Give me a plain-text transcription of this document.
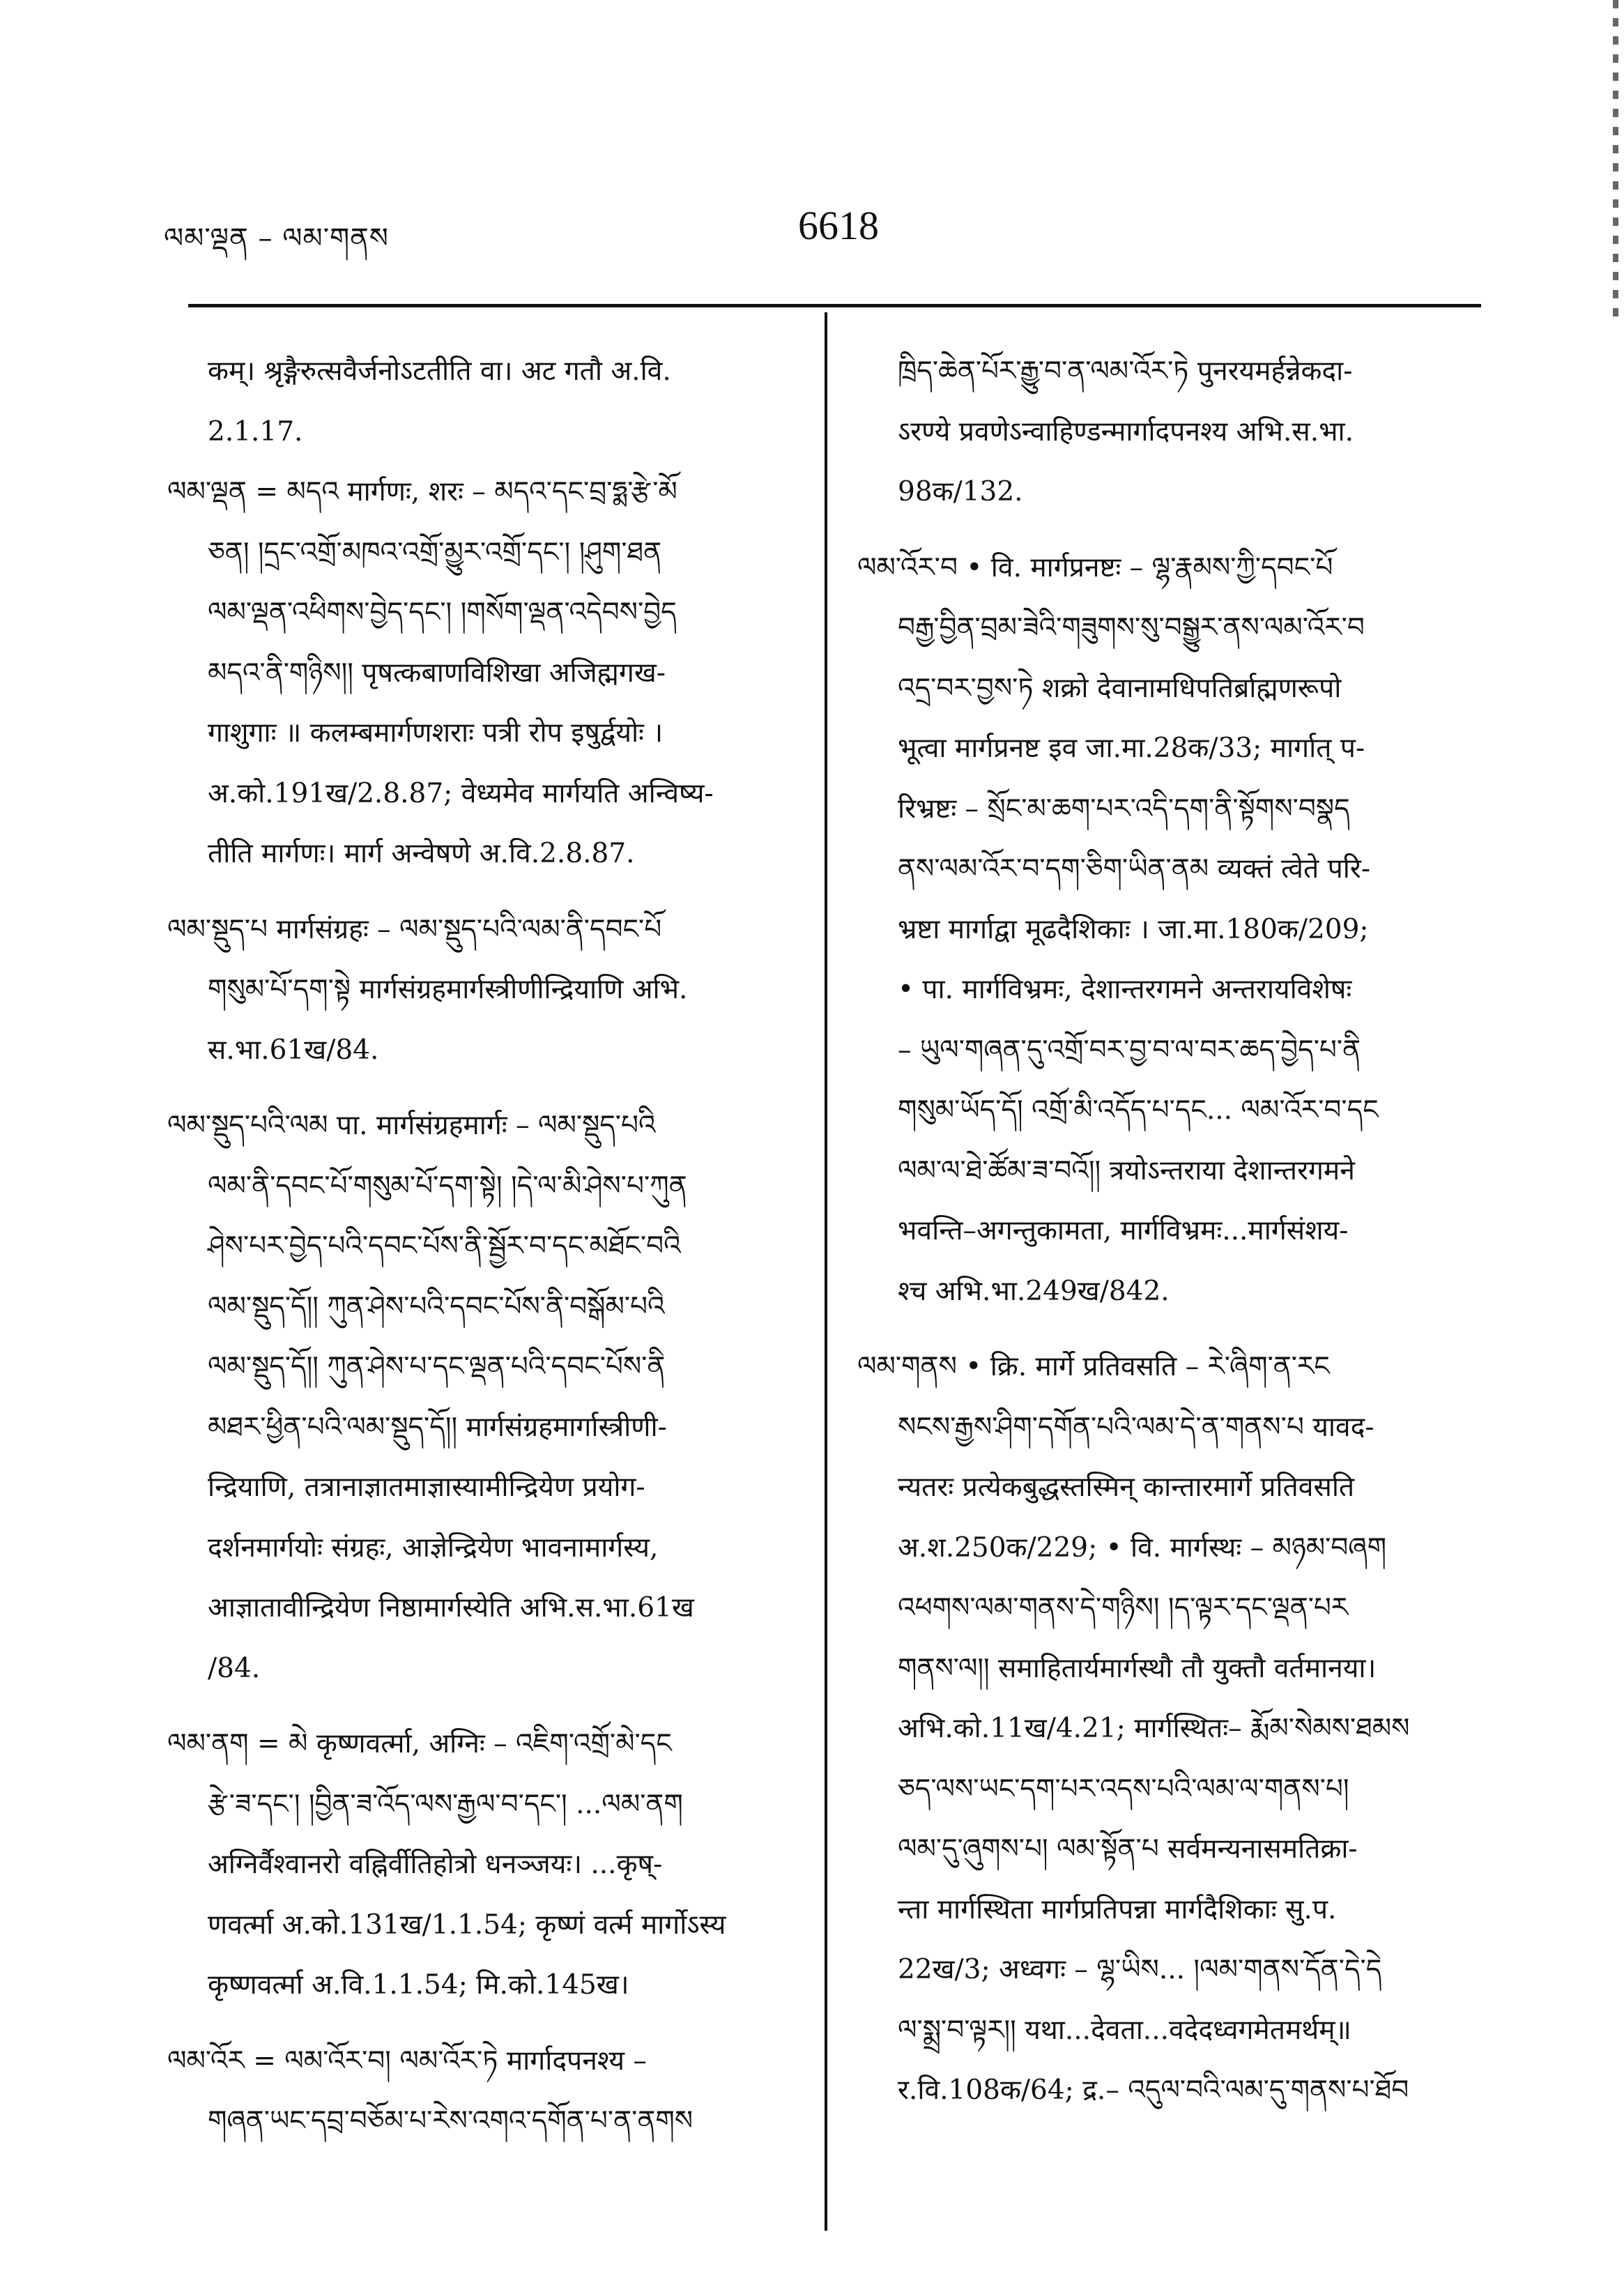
ལམ་ལྡན – ལམ་གནས	6618
कम्। श्रृङ्गैरुत्सवैर्जनोऽटतीति वा। अट गतौ अ.वि.
2.1.17.
ལམ་ལྡན = མདའ मार्गणः, शरः – མདའ་དང་བྲ་ཧྨ་རྩེ་མོ
ཅན། །དྲང་འགྲོ་མཁའ་འགྲོ་མྱུར་འགྲོ་དང་། །ཤུག་ཐན
ལམ་ལྡན་འཕིགས་བྱེད་དང་། །གསོག་ལྡན་འདེབས་བྱེད
མདའ་ནི་གཉིས།། पृषत्कबाणविशिखा अजिह्मगख-
गाशुगाः ॥ कलम्बमार्गणशराः पत्री रोप इषुर्द्वयोः ।
अ.को.191ख/2.8.87; वेध्यमेव मार्गयति अन्विष्य-
तीति मार्गणः। मार्ग अन्वेषणे अ.वि.2.8.87.
ལམ་སྡུད་པ मार्गसंग्रहः – ལམ་སྡུད་པའི་ལམ་ནི་དབང་པོ
གསུམ་པོ་དག་སྟེ मार्गसंग्रहमार्गस्त्रीणीन्द्रियाणि अभि.
स.भा.61ख/84.
ལམ་སྡུད་པའི་ལམ पा. मार्गसंग्रहमार्गः – ལམ་སྡུད་པའི
ལམ་ནི་དབང་པོ་གསུམ་པོ་དག་སྟེ། །དེ་ལ་མི་ཤེས་པ་ཀུན
ཤེས་པར་བྱེད་པའི་དབང་པོས་ནི་སྦྱོར་བ་དང་མཐོང་བའི
ལམ་སྡུད་དོ།། ཀུན་ཤེས་པའི་དབང་པོས་ནི་བསྒོམ་པའི
ལམ་སྡུད་དོ།། ཀུན་ཤེས་པ་དང་ལྡན་པའི་དབང་པོས་ནི
མཐར་ཕྱིན་པའི་ལམ་སྡུད་དོ།། मार्गसंग्रहमार्गास्त्रीणी-
न्द्रियाणि, तत्रानाज्ञातमाज्ञास्यामीन्द्रियेण प्रयोग-
दर्शनमार्गयोः संग्रहः, आज्ञेन्द्रियेण भावनामार्गस्य,
आज्ञातावीन्द्रियेण निष्ठामार्गस्येति अभि.स.भा.61ख
/84.
ལམ་ནག = མེ कृष्णवर्त्मा, अग्निः – འཇིག་འགྲོ་མེ་དང
རྩེ་ཟ་དང་། །བྱིན་ཟ་འོད་ལས་རྒྱལ་བ་དང་། ...ལམ་ནག
अग्निर्वैश्वानरो वह्निर्वीतिहोत्रो धनञ्जयः। ...कृष्-
णवर्त्मा अ.को.131ख/1.1.54; कृष्णं वर्त्म मार्गोऽस्य
कृष्णवर्त्मा अ.वि.1.1.54; मि.को.145ख।
ལམ་འོར = ལམ་འོར་བ། ལམ་འོར་ཏེ मार्गादपनश्य –
གཞན་ཡང་དབྲ་བཅོམ་པ་རེས་འགའ་དགོན་པ་ན་ནགས
ཁྲིད་ཆེན་པོར་རྒྱུ་བ་ན་ལམ་འོར་ཏེ पुनरयमर्हन्नेकदा-
ऽरण्ये प्रवणेऽन्वाहिण्डन्मार्गादपनश्य अभि.स.भा.
98क/132.
ལམ་འོར་བ • वि. मार्गप्रनष्टः – ལྷ་རྣམས་ཀྱི་དབང་པོ
བརྒྱ་བྱིན་བྲམ་ཟེའི་གཟུགས་སུ་བསྒྱུར་ནས་ལམ་འོར་བ
འདྲ་བར་བྱས་ཏེ शक्रो देवानामधिपतिर्ब्राह्मणरूपो
भूत्वा मार्गप्रनष्ट इव जा.मा.28क/33; मार्गात् प-
रिभ्रष्टः – སྲོང་མ་ཆག་པར་འདི་དག་ནི་སྟོགས་བསྣད
ནས་ལམ་འོར་བ་དག་ཅིག་ཡིན་ནམ व्यक्तं त्वेते परि-
भ्रष्टा मार्गाद्वा मूढदैशिकाः । जा.मा.180क/209;
• पा. मार्गविभ्रमः, देशान्तरगमने अन्तरायविशेषः
– ཡུལ་གཞན་དུ་འགྲོ་བར་བྱ་བ་ལ་བར་ཆད་བྱེད་པ་ནི
གསུམ་ཡོད་དོ། འགྲོ་མི་འདོད་པ་དང... ལམ་འོར་བ་དང
ལམ་ལ་ཐེ་ཚོམ་ཟ་བའོ།། त्रयोऽन्तराया देशान्तरगमने
भवन्ति–अगन्तुकामता, मार्गविभ्रमः...मार्गसंशय-
श्च अभि.भा.249ख/842.
ལམ་གནས • क्रि. मार्गे प्रतिवसति – རེ་ཞིག་ན་རང
སངས་རྒྱས་ཤིག་དགོན་པའི་ལམ་དེ་ན་གནས་པ यावद-
न्यतरः प्रत्येकबुद्धस्तस्मिन् कान्तारमार्गे प्रतिवसति
अ.श.250क/229; • वि. मार्गस्थः – མཉམ་བཞག
འཕགས་ལམ་གནས་དེ་གཉིས། །ད་ལྟར་དང་ལྡན་པར
གནས་ལ།། समाहितार्यमार्गस्थौ तौ युक्तौ वर्तमानया।
अभि.को.11ख/4.21; मार्गस्थितः– རྨོམ་སེམས་ཐམས
ཅད་ལས་ཡང་དག་པར་འདས་པའི་ལམ་ལ་གནས་པ།
ལམ་དུ་ཞུགས་པ། ལམ་སྟོན་པ सर्वमन्यनासमतिक्रा-
न्ता मार्गस्थिता मार्गप्रतिपन्ना मार्गदैशिकाः सु.प.
22ख/3; अध्वगः – ལྷ་ཡིས... །ལམ་གནས་དོན་དེ་དེ
ལ་སྨྲ་བ་ལྟར།། यथा...देवता...वदेदध्वगमेतमर्थम्॥
र.वि.108क/64; द्र.– འདུལ་བའི་ལམ་དུ་གནས་པ་ཐོབ
